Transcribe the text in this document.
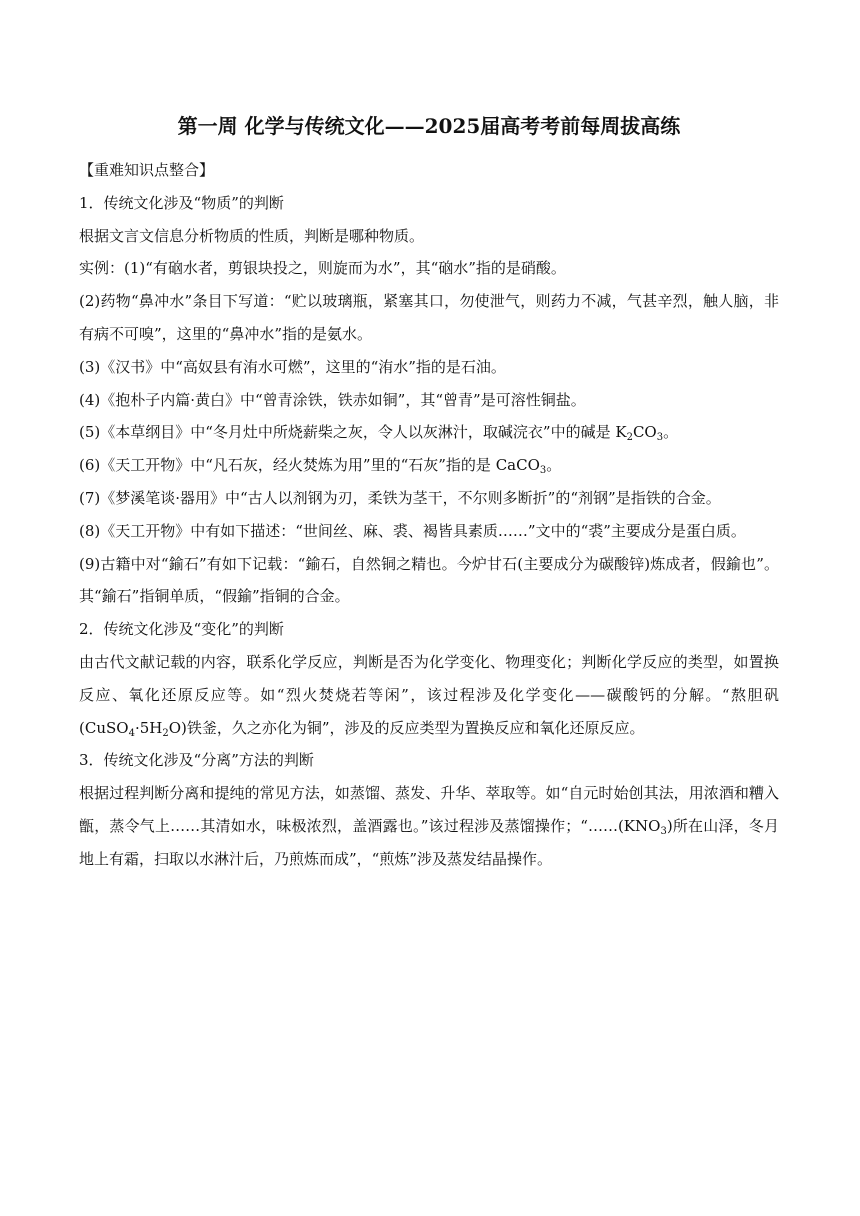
第一周 化学与传统文化——2025届高考考前每周拔高练
【重难知识点整合】
1．传统文化涉及“物质”的判断
根据文言文信息分析物质的性质，判断是哪种物质。
实例：(1)“有硇水者，剪银块投之，则旋而为水”，其“硇水”指的是硝酸。
(2)药物“鼻冲水”条目下写道：“贮以玻璃瓶，紧塞其口，勿使泄气，则药力不减，气甚辛烈，触人脑，非有病不可嗅”，这里的“鼻冲水”指的是氨水。
(3)《汉书》中“高奴县有洧水可燃”，这里的“洧水”指的是石油。
(4)《抱朴子内篇·黄白》中“曾青涂铁，铁赤如铜”，其“曾青”是可溶性铜盐。
(5)《本草纲目》中“冬月灶中所烧薪柴之灰，令人以灰淋汁，取碱浣衣”中的碱是 $K_2CO_3$。
(6)《天工开物》中“凡石灰，经火焚炼为用”里的“石灰”指的是 CaCO$_3$。
(7)《梦溪笔谈·器用》中“古人以剂钢为刃，柔铁为茎干，不尔则多断折”的“剂钢”是指铁的合金。
(8)《天工开物》中有如下描述：“世间丝、麻、裘、褐皆具素质……”文中的“裘”主要成分是蛋白质。
(9)古籍中对“鍮石”有如下记载：“鍮石，自然铜之精也。今炉甘石(主要成分为碳酸锌)炼成者，假鍮也”。其“鍮石”指铜单质，“假鍮”指铜的合金。
2．传统文化涉及“变化”的判断
由古代文献记载的内容，联系化学反应，判断是否为化学变化、物理变化；判断化学反应的类型，如置换反应、氧化还原反应等。如“烈火焚烧若等闲”，该过程涉及化学变化——碳酸钙的分解。“熬胆矾$(CuSO_4\cdot 5H_2O)$铁釜，久之亦化为铜”，涉及的反应类型为置换反应和氧化还原反应。
3．传统文化涉及“分离”方法的判断
根据过程判断分离和提纯的常见方法，如蒸馏、蒸发、升华、萃取等。如“自元时始创其法，用浓酒和糟入甑，蒸令气上……其清如水，味极浓烈，盖酒露也。”该过程涉及蒸馏操作；“$\dots\dots(KNO_3)$所在山泽，冬月地上有霜，扫取以水淋汁后，乃煎炼而成”，“煎炼”涉及蒸发结晶操作。
